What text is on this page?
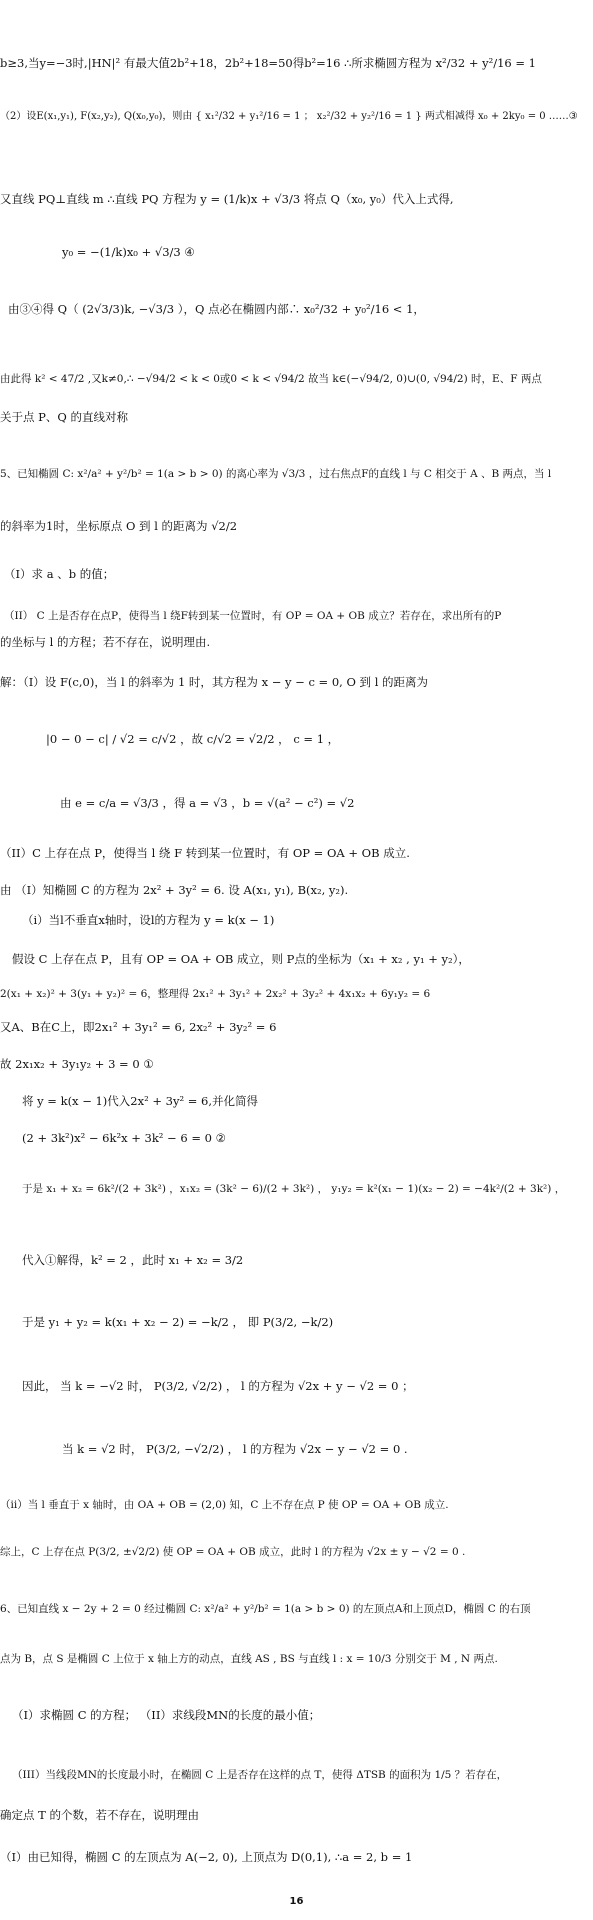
b≥3,当y=−3时,|HN|² 有最大值2b²+18，2b²+18=50得b²=16 ∴所求椭圆方程为 x²/32 + y²/16 = 1
（2）设E(x₁,y₁), F(x₂,y₂), Q(x₀,y₀)，则由 { x₁²/32 + y₁²/16 = 1 ； x₂²/32 + y₂²/16 = 1 } 两式相减得 x₀ + 2ky₀ = 0 ……③
又直线 PQ⊥直线 m ∴直线 PQ 方程为 y = (1/k)x + √3/3 将点 Q（x₀, y₀）代入上式得,
y₀ = −(1/k)x₀ + √3/3 ④
由③④得 Q（ (2√3/3)k, −√3/3 ），Q 点必在椭圆内部∴ x₀²/32 + y₀²/16 < 1，
由此得 k² < 47/2 ,又k≠0,∴ −√94/2 < k < 0或0 < k < √94/2 故当 k∈(−√94/2, 0)∪(0, √94/2) 时，E、F 两点
关于点 P、Q 的直线对称
5、已知椭圆 C: x²/a² + y²/b² = 1(a > b > 0) 的离心率为 √3/3 ，过右焦点F的直线 l 与 C 相交于 A 、B 两点，当 l
的斜率为1时，坐标原点 O 到 l 的距离为 √2/2
（I）求 a 、b 的值；
（II） C 上是否存在点P，使得当 l 绕F转到某一位置时，有 OP = OA + OB 成立？若存在，求出所有的P
的坐标与 l 的方程；若不存在，说明理由.
解：（I）设 F(c,0)，当 l 的斜率为 1 时，其方程为 x − y − c = 0, O 到 l 的距离为
|0 − 0 − c| / √2 = c/√2 ，故 c/√2 = √2/2 ， c = 1 ，
由 e = c/a = √3/3 ，得 a = √3 ，b = √(a² − c²) = √2
（II）C 上存在点 P，使得当 l 绕 F 转到某一位置时，有 OP = OA + OB 成立.
由 （I）知椭圆 C 的方程为 2x² + 3y² = 6. 设 A(x₁, y₁), B(x₂, y₂).
（i）当l不垂直x轴时，设l的方程为 y = k(x − 1)
假设 C 上存在点 P，且有 OP = OA + OB 成立，则 P点的坐标为（x₁ + x₂ , y₁ + y₂），
2(x₁ + x₂)² + 3(y₁ + y₂)² = 6，整理得 2x₁² + 3y₁² + 2x₂² + 3y₂² + 4x₁x₂ + 6y₁y₂ = 6
又A、B在C上，即2x₁² + 3y₁² = 6, 2x₂² + 3y₂² = 6
故 2x₁x₂ + 3y₁y₂ + 3 = 0 ①
将 y = k(x − 1)代入2x² + 3y² = 6,并化简得
(2 + 3k²)x² − 6k²x + 3k² − 6 = 0 ②
于是 x₁ + x₂ = 6k²/(2 + 3k²) ，x₁x₂ = (3k² − 6)/(2 + 3k²) ， y₁y₂ = k²(x₁ − 1)(x₂ − 2) = −4k²/(2 + 3k²) ，
代入①解得，k² = 2 ，此时 x₁ + x₂ = 3/2
于是 y₁ + y₂ = k(x₁ + x₂ − 2) = −k/2 ， 即 P(3/2, −k/2)
因此， 当 k = −√2 时， P(3/2, √2/2) ， l 的方程为 √2x + y − √2 = 0 ；
当 k = √2 时， P(3/2, −√2/2) ， l 的方程为 √2x − y − √2 = 0 .
（ii）当 l 垂直于 x 轴时，由 OA + OB = (2,0) 知，C 上不存在点 P 使 OP = OA + OB 成立.
综上，C 上存在点 P(3/2, ±√2/2) 使 OP = OA + OB 成立，此时 l 的方程为 √2x ± y − √2 = 0 .
6、已知直线 x − 2y + 2 = 0 经过椭圆 C: x²/a² + y²/b² = 1(a > b > 0) 的左顶点A和上顶点D，椭圆 C 的右顶
点为 B，点 S 是椭圆 C 上位于 x 轴上方的动点，直线 AS , BS 与直线 l : x = 10/3 分别交于 M , N 两点.
（I）求椭圆 C 的方程； （II）求线段MN的长度的最小值；
（III）当线段MN的长度最小时，在椭圆 C 上是否存在这样的点 T，使得 ΔTSB 的面积为 1/5 ？若存在，
确定点 T 的个数，若不存在，说明理由
（I）由已知得，椭圆 C 的左顶点为 A(−2, 0), 上顶点为 D(0,1), ∴a = 2, b = 1
16
